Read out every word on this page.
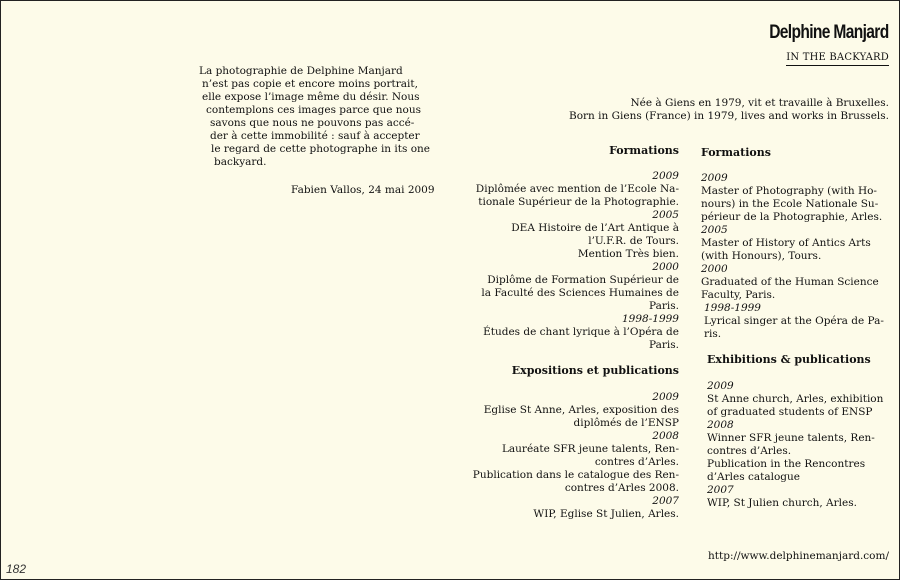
Delphine Manjard
IN THE BACKYARD
La photographie de Delphine Manjard
n’est pas copie et encore moins portrait,
elle expose l’image même du désir. Nous
contemplons ces images parce que nous
savons que nous ne pouvons pas accé-
der à cette immobilité : sauf à accepter
le regard de cette photographe in its one
backyard.
Fabien Vallos, 24 mai 2009
Née à Giens en 1979, vit et travaille à Bruxelles.
Born in Giens (France) in 1979, lives and works in Brussels.
Formations
2009
Diplômée avec mention de l’Ecole Na-
tionale Supérieur de la Photographie.
2005
DEA Histoire de l’Art Antique à
l’U.F.R. de Tours.
Mention Très bien.
2000
Diplôme de Formation Supérieur de
la Faculté des Sciences Humaines de
Paris.
1998-1999
Études de chant lyrique à l’Opéra de
Paris.
Expositions et publications
2009
Eglise St Anne, Arles, exposition des
diplômés de l’ENSP
2008
Lauréate SFR jeune talents, Ren-
contres d’Arles.
Publication dans le catalogue des Ren-
contres d’Arles 2008.
2007
WIP, Eglise St Julien, Arles.
Formations
2009
Master of Photography (with Ho-
nours) in the Ecole Nationale Su-
périeur de la Photographie, Arles.
2005
Master of History of Antics Arts
(with Honours), Tours.
2000
Graduated of the Human Science
Faculty, Paris.
1998-1999
Lyrical singer at the Opéra de Pa-
ris.
Exhibitions & publications
2009
St Anne church, Arles, exhibition
of graduated students of ENSP
2008
Winner SFR jeune talents, Ren-
contres d’Arles.
Publication in the Rencontres
d’Arles catalogue
2007
WIP, St Julien church, Arles.
http://www.delphinemanjard.com/
182
